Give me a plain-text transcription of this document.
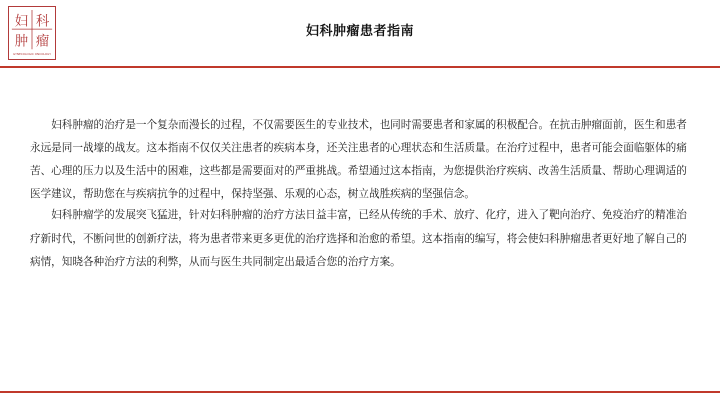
妇 科
肿 瘤
GYNECOLOGIC ONCOLOGY
妇科肿瘤患者指南

妇科肿瘤的治疗是一个复杂而漫长的过程，不仅需要医生的专业技术，也同时需要患者和家属的积极配合。在抗击肿瘤面前，医生和患者永远是同一战壕的战友。这本指南不仅仅关注患者的疾病本身，还关注患者的心理状态和生活质量。在治疗过程中，患者可能会面临躯体的痛苦、心理的压力以及生活中的困难，这些都是需要面对的严重挑战。希望通过这本指南，为您提供治疗疾病、改善生活质量、帮助心理调适的医学建议，帮助您在与疾病抗争的过程中，保持坚强、乐观的心态，树立战胜疾病的坚强信念。

妇科肿瘤学的发展突飞猛进，针对妇科肿瘤的治疗方法日益丰富，已经从传统的手术、放疗、化疗，进入了靶向治疗、免疫治疗的精准治疗新时代，不断问世的创新疗法，将为患者带来更多更优的治疗选择和治愈的希望。这本指南的编写，将会使妇科肿瘤患者更好地了解自己的病情，知晓各种治疗方法的利弊，从而与医生共同制定出最适合您的治疗方案。
